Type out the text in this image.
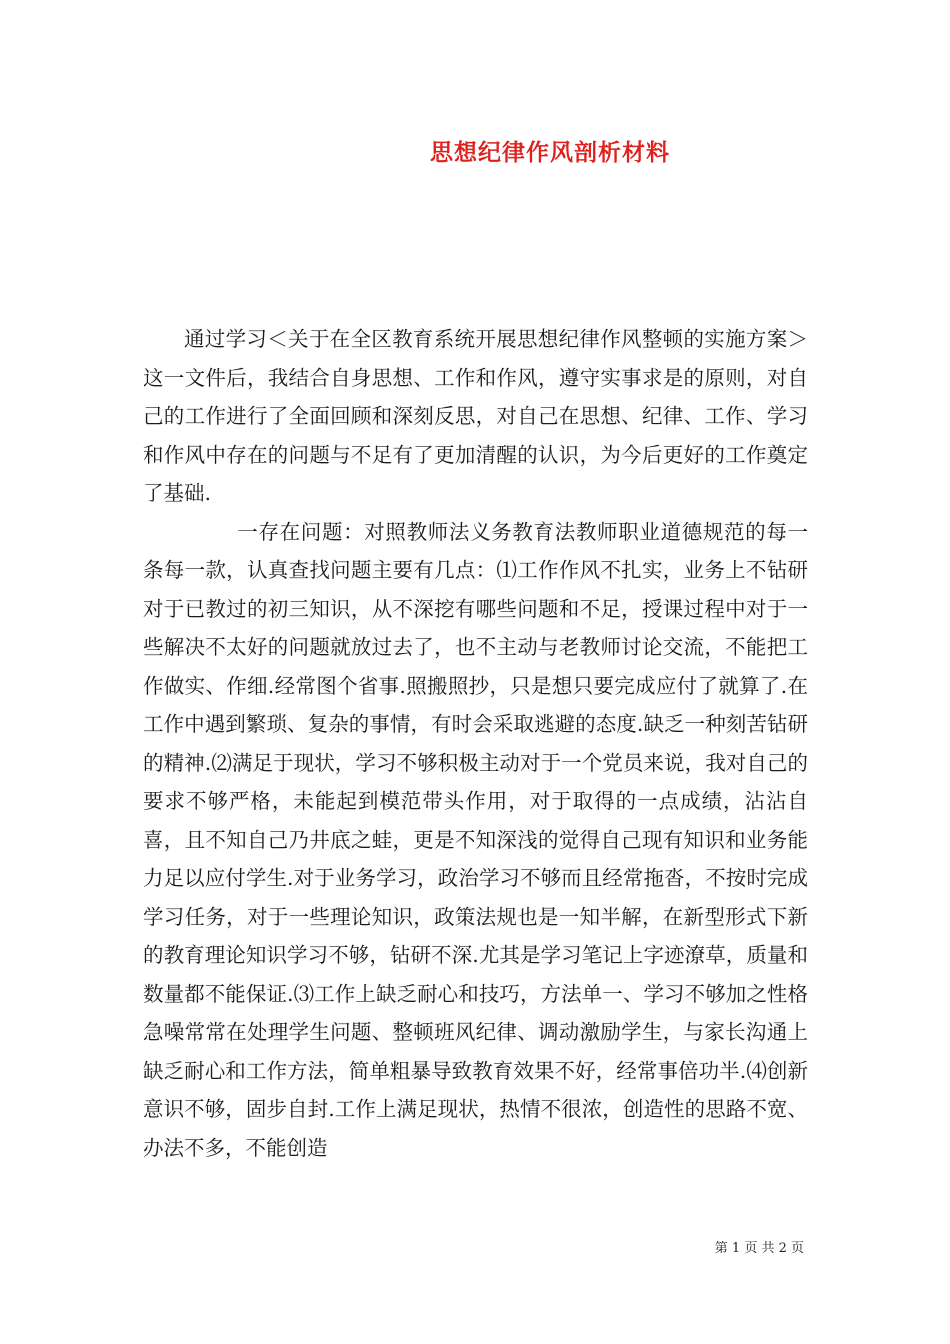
思想纪律作风剖析材料

通过学习＜关于在全区教育系统开展思想纪律作风整顿的实施方案＞这一文件后，我结合自身思想、工作和作风，遵守实事求是的原则，对自己的工作进行了全面回顾和深刻反思，对自己在思想、纪律、工作、学习和作风中存在的问题与不足有了更加清醒的认识，为今后更好的工作奠定了基础.

一存在问题：对照教师法义务教育法教师职业道德规范的每一条每一款，认真查找问题主要有几点：⑴工作作风不扎实，业务上不钻研对于已教过的初三知识，从不深挖有哪些问题和不足，授课过程中对于一些解决不太好的问题就放过去了，也不主动与老教师讨论交流，不能把工作做实、作细.经常图个省事.照搬照抄，只是想只要完成应付了就算了.在工作中遇到繁琐、复杂的事情，有时会采取逃避的态度.缺乏一种刻苦钻研的精神.⑵满足于现状，学习不够积极主动对于一个党员来说，我对自己的要求不够严格，未能起到模范带头作用，对于取得的一点成绩，沾沾自喜，且不知自己乃井底之蛙，更是不知深浅的觉得自己现有知识和业务能力足以应付学生.对于业务学习，政治学习不够而且经常拖沓，不按时完成学习任务，对于一些理论知识，政策法规也是一知半解，在新型形式下新的教育理论知识学习不够，钻研不深.尤其是学习笔记上字迹潦草，质量和数量都不能保证.⑶工作上缺乏耐心和技巧，方法单一、学习不够加之性格急噪常常在处理学生问题、整顿班风纪律、调动激励学生，与家长沟通上缺乏耐心和工作方法，简单粗暴导致教育效果不好，经常事倍功半.⑷创新意识不够，固步自封.工作上满足现状，热情不很浓，创造性的思路不宽、办法不多，不能创造

第 1 页 共 2 页
